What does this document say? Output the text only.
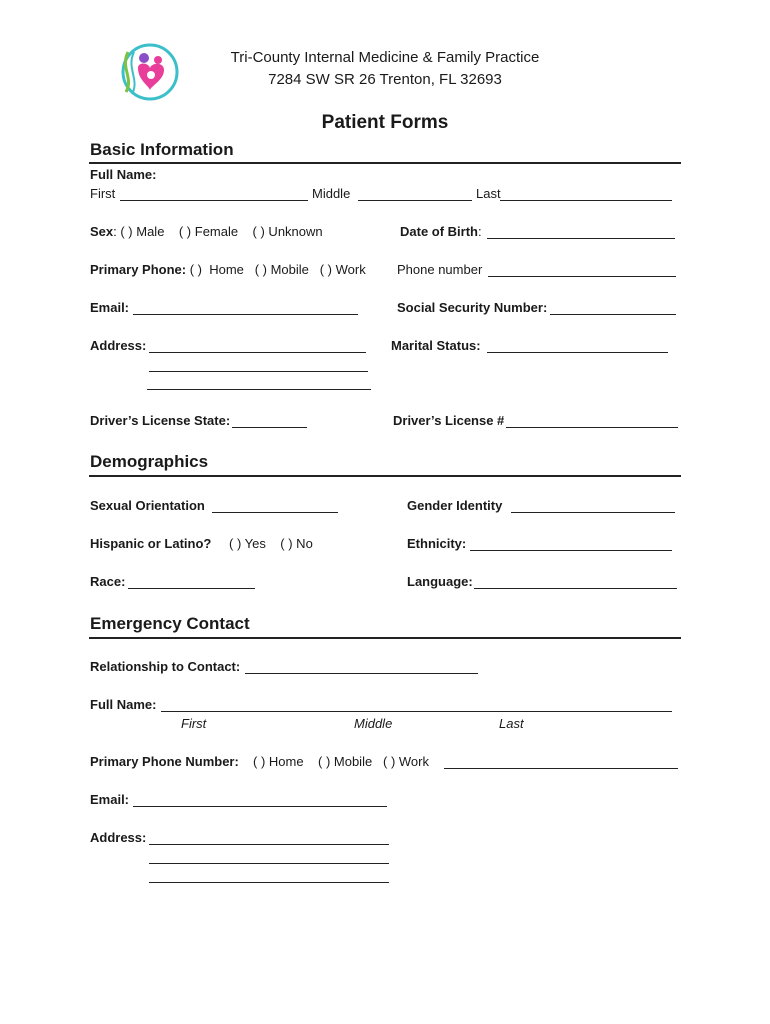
Tri-County Internal Medicine & Family Practice
7284 SW SR 26 Trenton, FL 32693
Patient Forms
Basic Information
Full Name:
First	Middle	Last
Sex: ( ) Male    ( ) Female    ( ) Unknown	Date of Birth:
Primary Phone: ( )  Home   ( ) Mobile   ( ) Work Phone number
Email:	Social Security Number:
Address:	Marital Status:
Driver’s License State:	Driver’s License #
Demographics
Sexual Orientation	Gender Identity
Hispanic or Latino? ( ) Yes    ( ) No	Ethnicity:
Race:	Language:
Emergency Contact
Relationship to Contact:
Full Name:
First	Middle	Last
Primary Phone Number: ( ) Home    ( ) Mobile   ( ) Work
Email:
Address:
